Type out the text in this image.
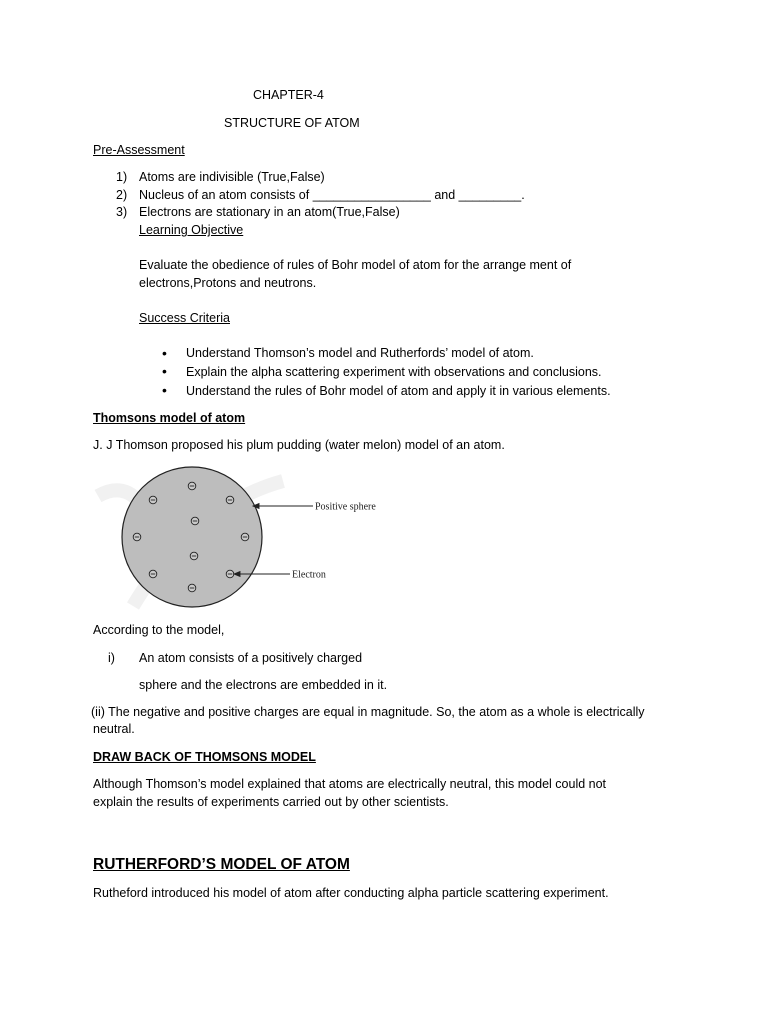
CHAPTER-4
STRUCTURE OF ATOM
Pre-Assessment
1) Atoms are indivisible (True,False)
2) Nucleus of an atom consists of _________________ and _________.
3) Electrons are stationary in an atom(True,False)
Learning Objective
Evaluate the obedience of rules of Bohr model of atom for the arrange ment of
electrons,Protons and neutrons.
Success Criteria
• Understand Thomson’s model and Rutherfords’ model of atom.
• Explain the alpha scattering experiment with observations and conclusions.
• Understand the rules of Bohr model of atom and apply it in various elements.
Thomsons model of atom
J. J Thomson proposed his plum pudding (water melon) model of an atom.
Positive sphere
Electron
According to the model,
i) An atom consists of a positively charged
sphere and the electrons are embedded in it.
(ii) The negative and positive charges are equal in magnitude. So, the atom as a whole is electrically
neutral.
DRAW BACK OF THOMSONS MODEL
Although Thomson’s model explained that atoms are electrically neutral, this model could not
explain the results of experiments carried out by other scientists.
RUTHERFORD’S MODEL OF ATOM
Rutheford introduced his model of atom after conducting alpha particle scattering experiment.
